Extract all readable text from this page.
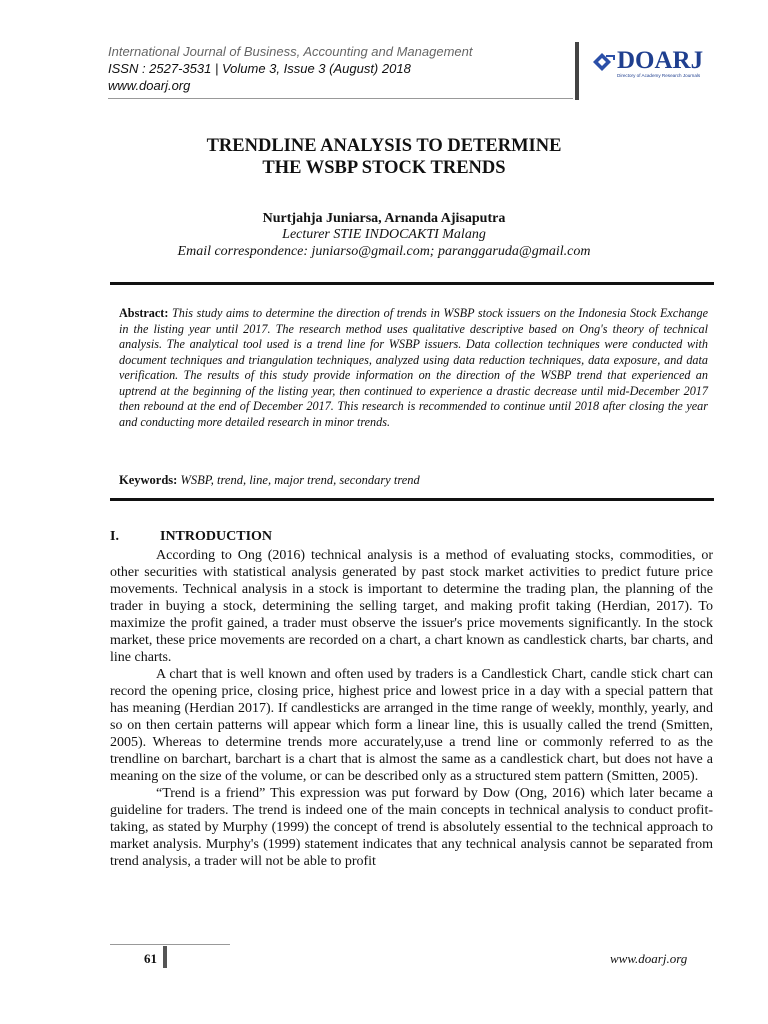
International Journal of Business, Accounting and Management
ISSN : 2527-3531 | Volume 3, Issue 3 (August) 2018
www.doarj.org
DOARJ
Directory of Academy Research Journals
TRENDLINE ANALYSIS TO DETERMINE
THE WSBP STOCK TRENDS
Nurtjahja Juniarsa, Arnanda Ajisaputra
Lecturer STIE INDOCAKTI Malang
Email correspondence: juniarso@gmail.com; paranggaruda@gmail.com
Abstract: This study aims to determine the direction of trends in WSBP stock issuers on the Indonesia Stock Exchange in the listing year until 2017. The research method uses qualitative descriptive based on Ong's theory of technical analysis. The analytical tool used is a trend line for WSBP issuers. Data collection techniques were conducted with document techniques and triangulation techniques, analyzed using data reduction techniques, data exposure, and data verification. The results of this study provide information on the direction of the WSBP trend that experienced an uptrend at the beginning of the listing year, then continued to experience a drastic decrease until mid-December 2017 then rebound at the end of December 2017. This research is recommended to continue until 2018 after closing the year and conducting more detailed research in minor trends.
Keywords: WSBP, trend, line, major trend, secondary trend
I.	INTRODUCTION

According to Ong (2016) technical analysis is a method of evaluating stocks, commodities, or other securities with statistical analysis generated by past stock market activities to predict future price movements. Technical analysis in a stock is important to determine the trading plan, the planning of the trader in buying a stock, determining the selling target, and making profit taking (Herdian, 2017). To maximize the profit gained, a trader must observe the issuer's price movements significantly. In the stock market, these price movements are recorded on a chart, a chart known as candlestick charts, bar charts, and line charts.

A chart that is well known and often used by traders is a Candlestick Chart, candle stick chart can record the opening price, closing price, highest price and lowest price in a day with a special pattern that has meaning (Herdian 2017). If candlesticks are arranged in the time range of weekly, monthly, yearly, and so on then certain patterns will appear which form a linear line, this is usually called the trend (Smitten, 2005). Whereas to determine trends more accurately,use a trend line or commonly referred to as the trendline on barchart, barchart is a chart that is almost the same as a candlestick chart, but does not have a meaning on the size of the volume, or can be described only as a structured stem pattern (Smitten, 2005).

“Trend is a friend” This expression was put forward by Dow (Ong, 2016) which later became a guideline for traders. The trend is indeed one of the main concepts in technical analysis to conduct profit-taking, as stated by Murphy (1999) the concept of trend is absolutely essential to the technical approach to market analysis. Murphy's (1999) statement indicates that any technical analysis cannot be separated from trend analysis, a trader will not be able to profit

61	www.doarj.org
